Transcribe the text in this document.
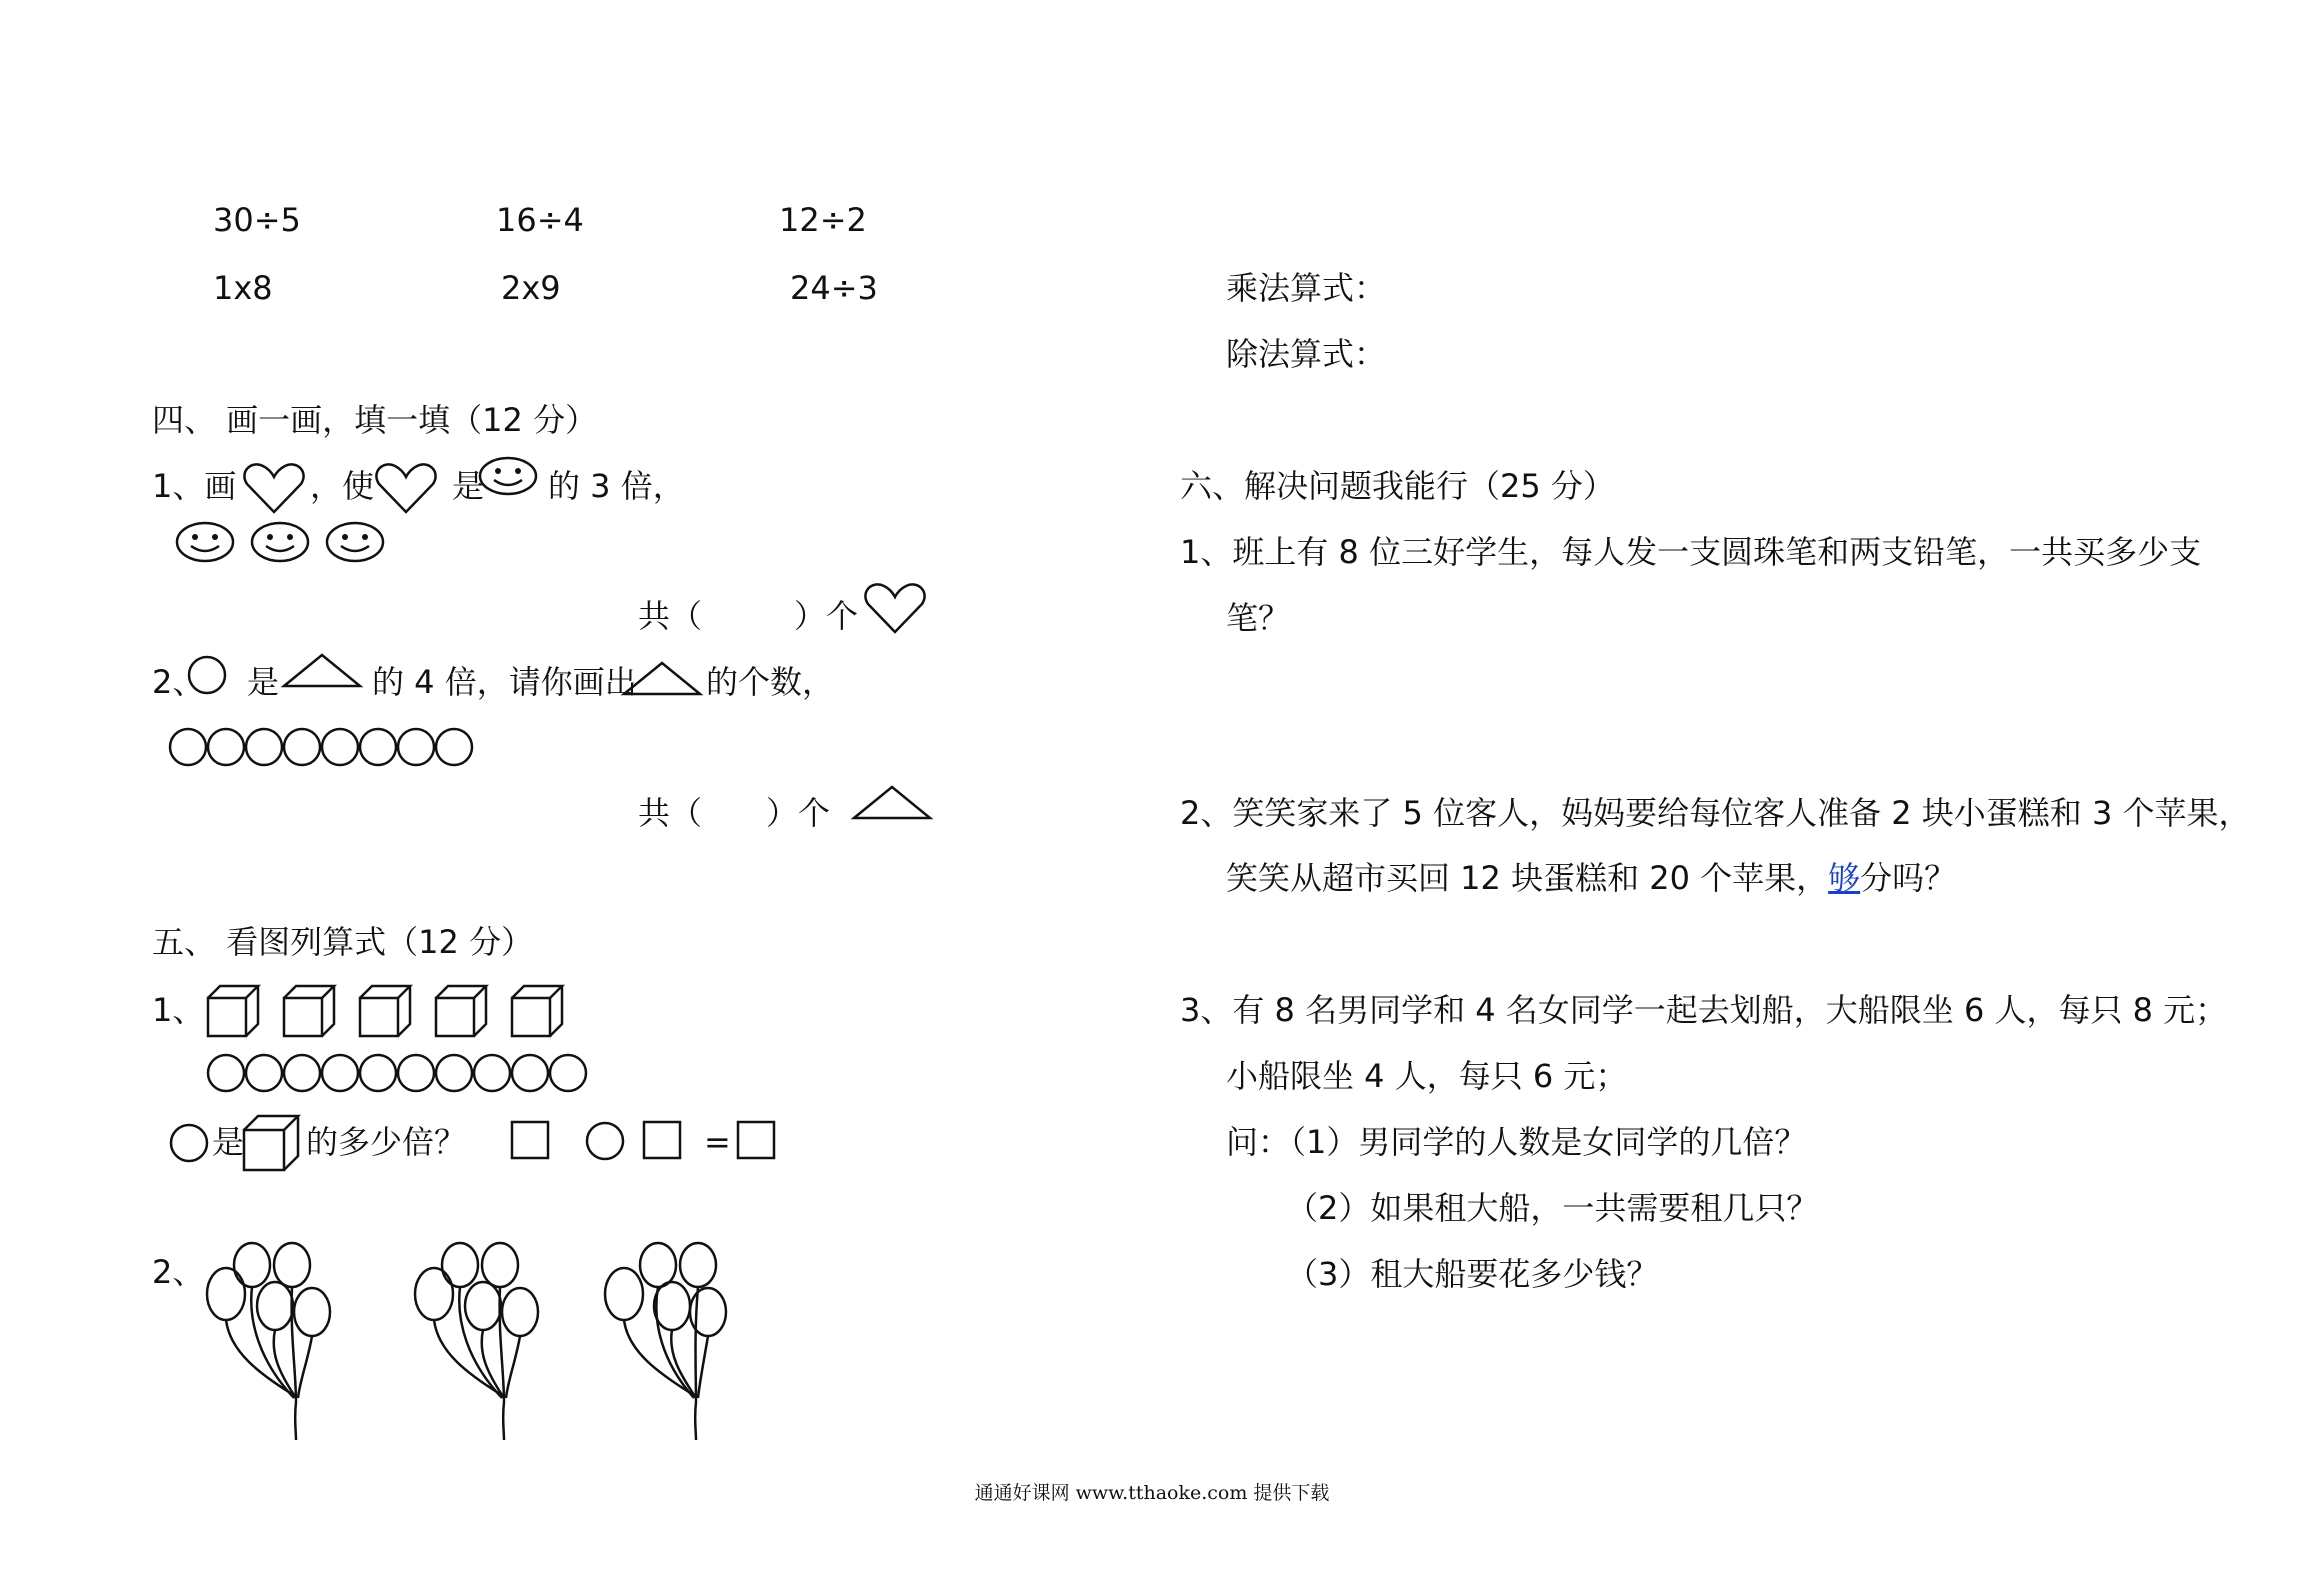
30÷5	16÷4	12÷2
1x8	2x9	24÷3
四、 画一画，填一填（12 分）
1、画 ，使 是 的 3 倍，
共（	）个
2、 是	的 4 倍，请你画出 的个数，
共（ ）个
五、 看图列算式（12 分）
1、
是 的多少倍？	=
2、
乘法算式：
除法算式：
六、解决问题我能行（25 分）
1、班上有 8 位三好学生，每人发一支圆珠笔和两支铅笔，一共买多少支
笔？
2、笑笑家来了 5 位客人，妈妈要给每位客人准备 2 块小蛋糕和 3 个苹果，
笑笑从超市买回 12 块蛋糕和 20 个苹果，够分吗？
3、有 8 名男同学和 4 名女同学一起去划船，大船限坐 6 人，每只 8 元；
小船限坐 4 人，每只 6 元；
问：（1）男同学的人数是女同学的几倍？
（2）如果租大船，一共需要租几只？
（3）租大船要花多少钱？
通通好课网 www.tthaoke.com 提供下载
